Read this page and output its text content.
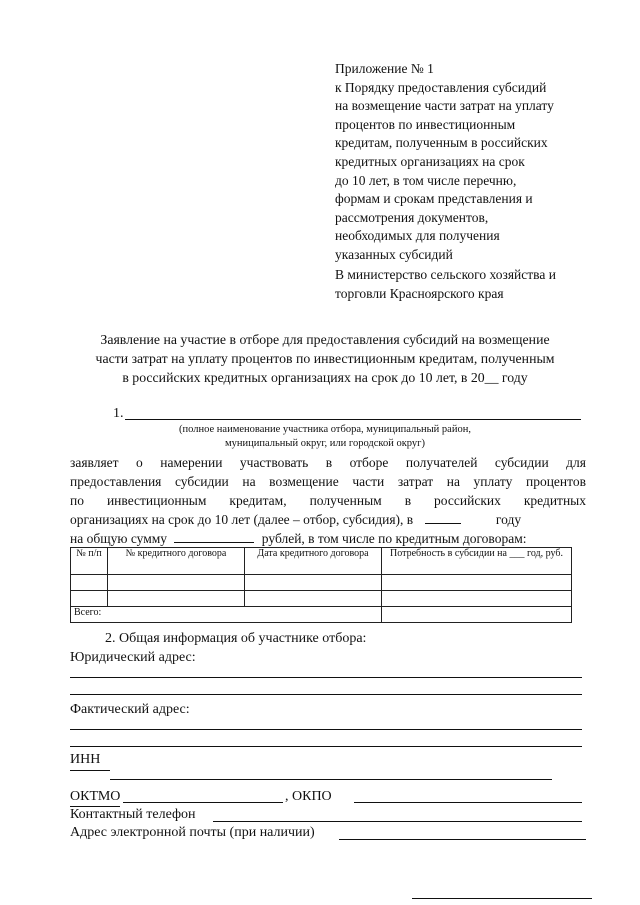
Приложение № 1
к Порядку предоставления субсидий
на возмещение части затрат на уплату
процентов по инвестиционным
кредитам, полученным в российских
кредитных организациях на срок
до 10 лет, в том числе перечню,
формам и срокам представления и
рассмотрения документов,
необходимых для получения
указанных субсидий
В министерство сельского хозяйства и
торговли Красноярского края
Заявление на участие в отборе для предоставления субсидий на возмещение
части затрат на уплату процентов по инвестиционным кредитам, полученным
в российских кредитных организациях на срок до 10 лет, в 20__ году
1.
(полное наименование участника отбора, муниципальный район,
муниципальный округ, или городской округ)
заявляет о намерении участвовать в отборе получателей субсидии для
предоставления субсидии на возмещение части затрат на уплату процентов
по инвестиционным кредитам, полученным в российских кредитных
организациях на срок до 10 лет (далее – отбор, субсидия), в	году
на общую сумму	рублей, в том числе по кредитным договорам:
№ п/п	№ кредитного договора	Дата кредитного договора	Потребность в субсидии на ___ год, руб.

Всего:			
2. Общая информация об участнике отбора:
Юридический адрес:
Фактический адрес:
ИНН
ОКТМО	, ОКПО
Контактный телефон
Адрес электронной почты (при наличии)
